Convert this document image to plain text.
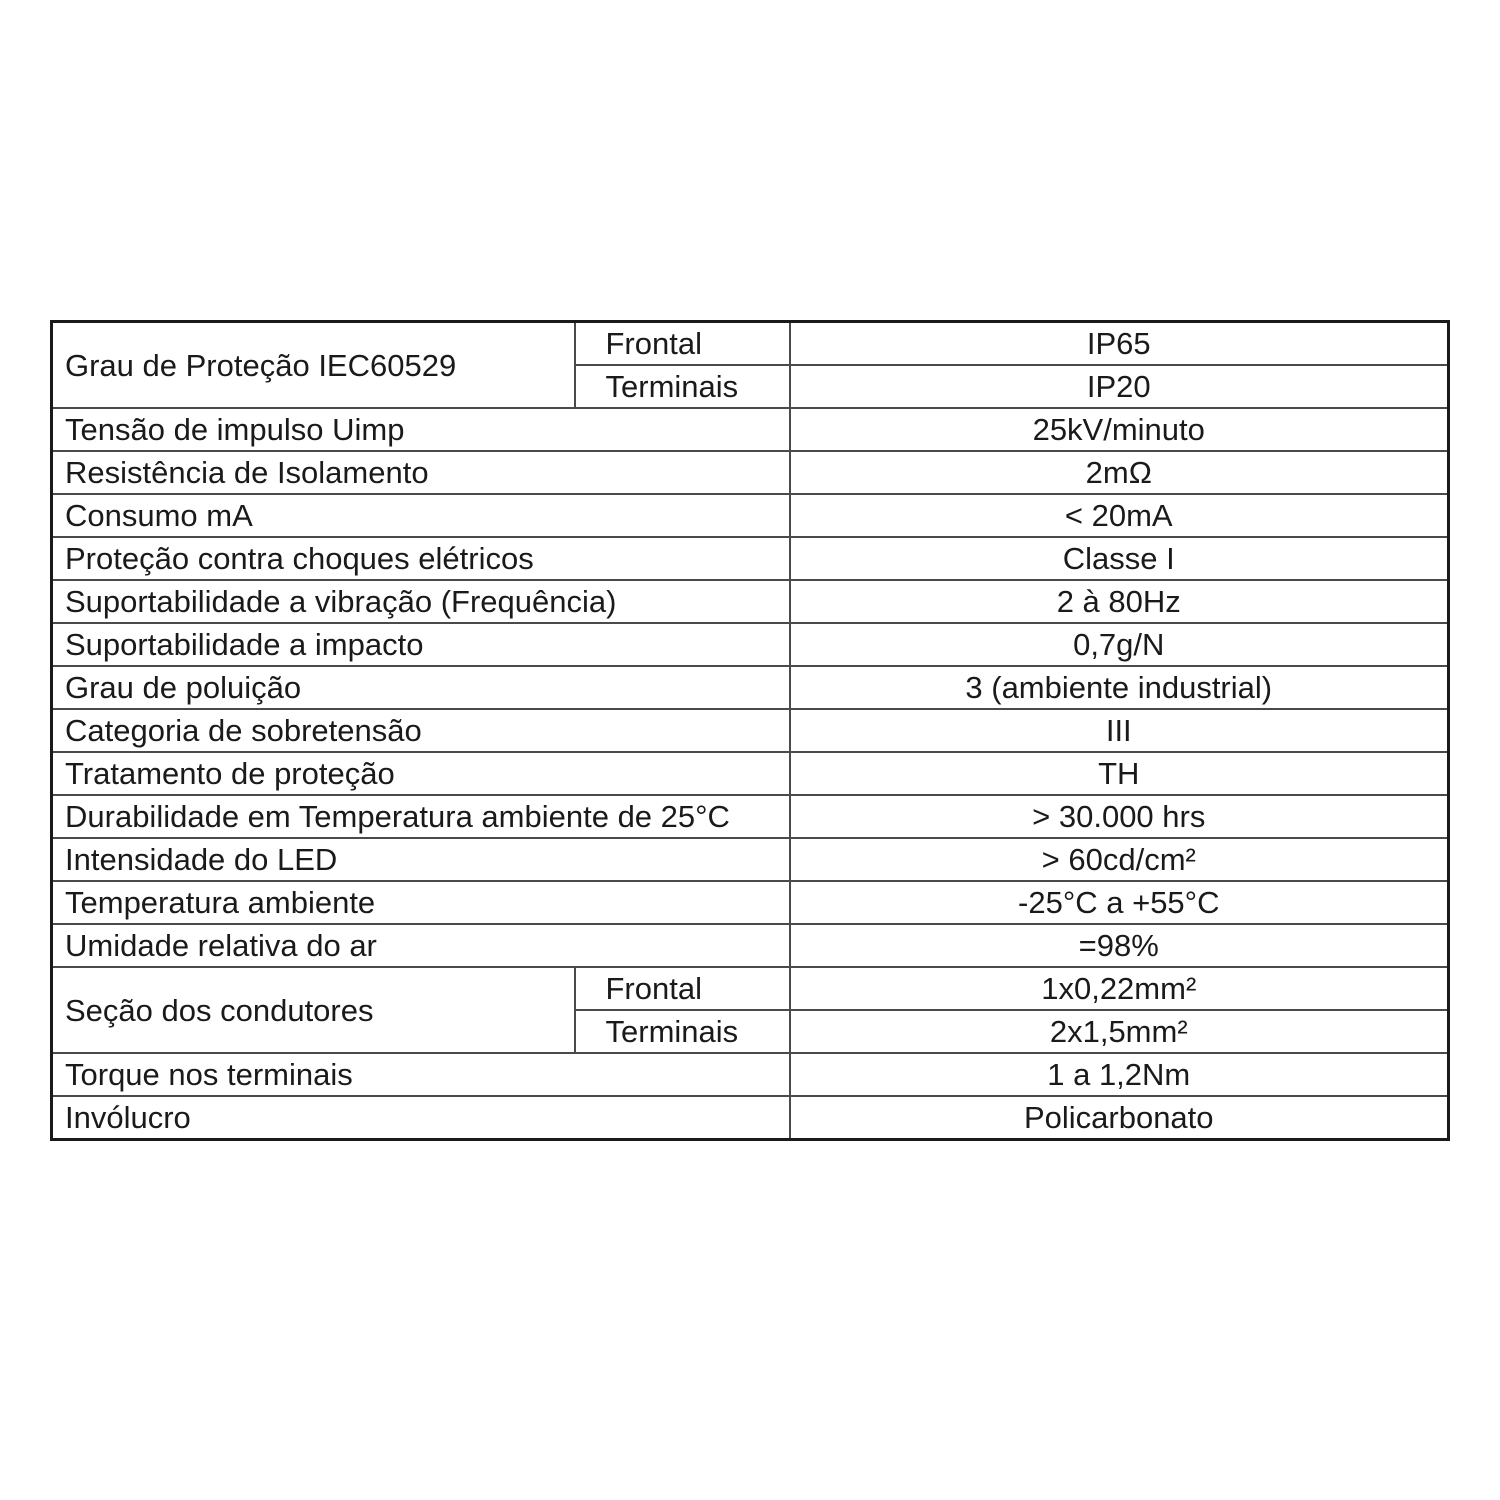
Grau de Proteção IEC60529	Frontal	IP65
	Terminais	IP20
Tensão de impulso Uimp		25kV/minuto
Resistência de Isolamento		2mΩ
Consumo mA		< 20mA
Proteção contra choques elétricos		Classe I
Suportabilidade a vibração (Frequência)		2 à 80Hz
Suportabilidade a impacto		0,7g/N
Grau de poluição		3 (ambiente industrial)
Categoria de sobretensão		III
Tratamento de proteção		TH
Durabilidade em Temperatura ambiente de 25°C		> 30.000 hrs
Intensidade do LED		> 60cd/cm²
Temperatura ambiente		-25°C a +55°C
Umidade relativa do ar		=98%
Seção dos condutores	Frontal	1x0,22mm²
	Terminais	2x1,5mm²
Torque nos terminais		1 a 1,2Nm
Invólucro		Policarbonato
